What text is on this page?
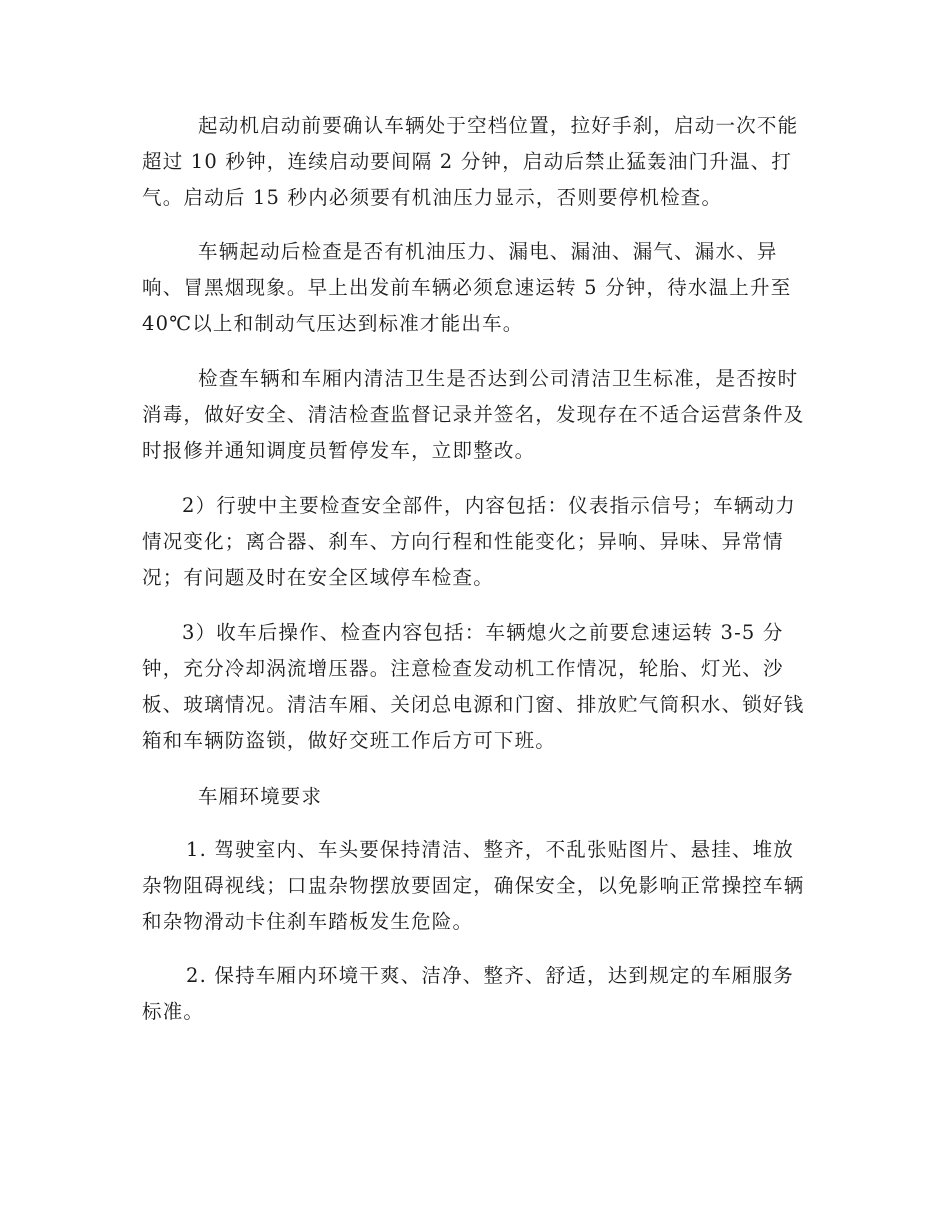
起动机启动前要确认车辆处于空档位置，拉好手刹，启动一次不能超过 10 秒钟，连续启动要间隔 2 分钟，启动后禁止猛轰油门升温、打气。启动后 15 秒内必须要有机油压力显示，否则要停机检查。

车辆起动后检查是否有机油压力、漏电、漏油、漏气、漏水、异响、冒黑烟现象。早上出发前车辆必须怠速运转 5 分钟，待水温上升至 40℃以上和制动气压达到标准才能出车。

检查车辆和车厢内清洁卫生是否达到公司清洁卫生标准，是否按时消毒，做好安全、清洁检查监督记录并签名，发现存在不适合运营条件及时报修并通知调度员暂停发车，立即整改。

2）行驶中主要检查安全部件，内容包括：仪表指示信号；车辆动力情况变化；离合器、刹车、方向行程和性能变化；异响、异味、异常情况；有问题及时在安全区域停车检查。

3）收车后操作、检查内容包括：车辆熄火之前要怠速运转 3-5 分钟，充分冷却涡流增压器。注意检查发动机工作情况，轮胎、灯光、沙板、玻璃情况。清洁车厢、关闭总电源和门窗、排放贮气筒积水、锁好钱箱和车辆防盗锁，做好交班工作后方可下班。

车厢环境要求

1. 驾驶室内、车头要保持清洁、整齐，不乱张贴图片、悬挂、堆放杂物阻碍视线；口盅杂物摆放要固定，确保安全，以免影响正常操控车辆和杂物滑动卡住刹车踏板发生危险。

2. 保持车厢内环境干爽、洁净、整齐、舒适，达到规定的车厢服务标准。
